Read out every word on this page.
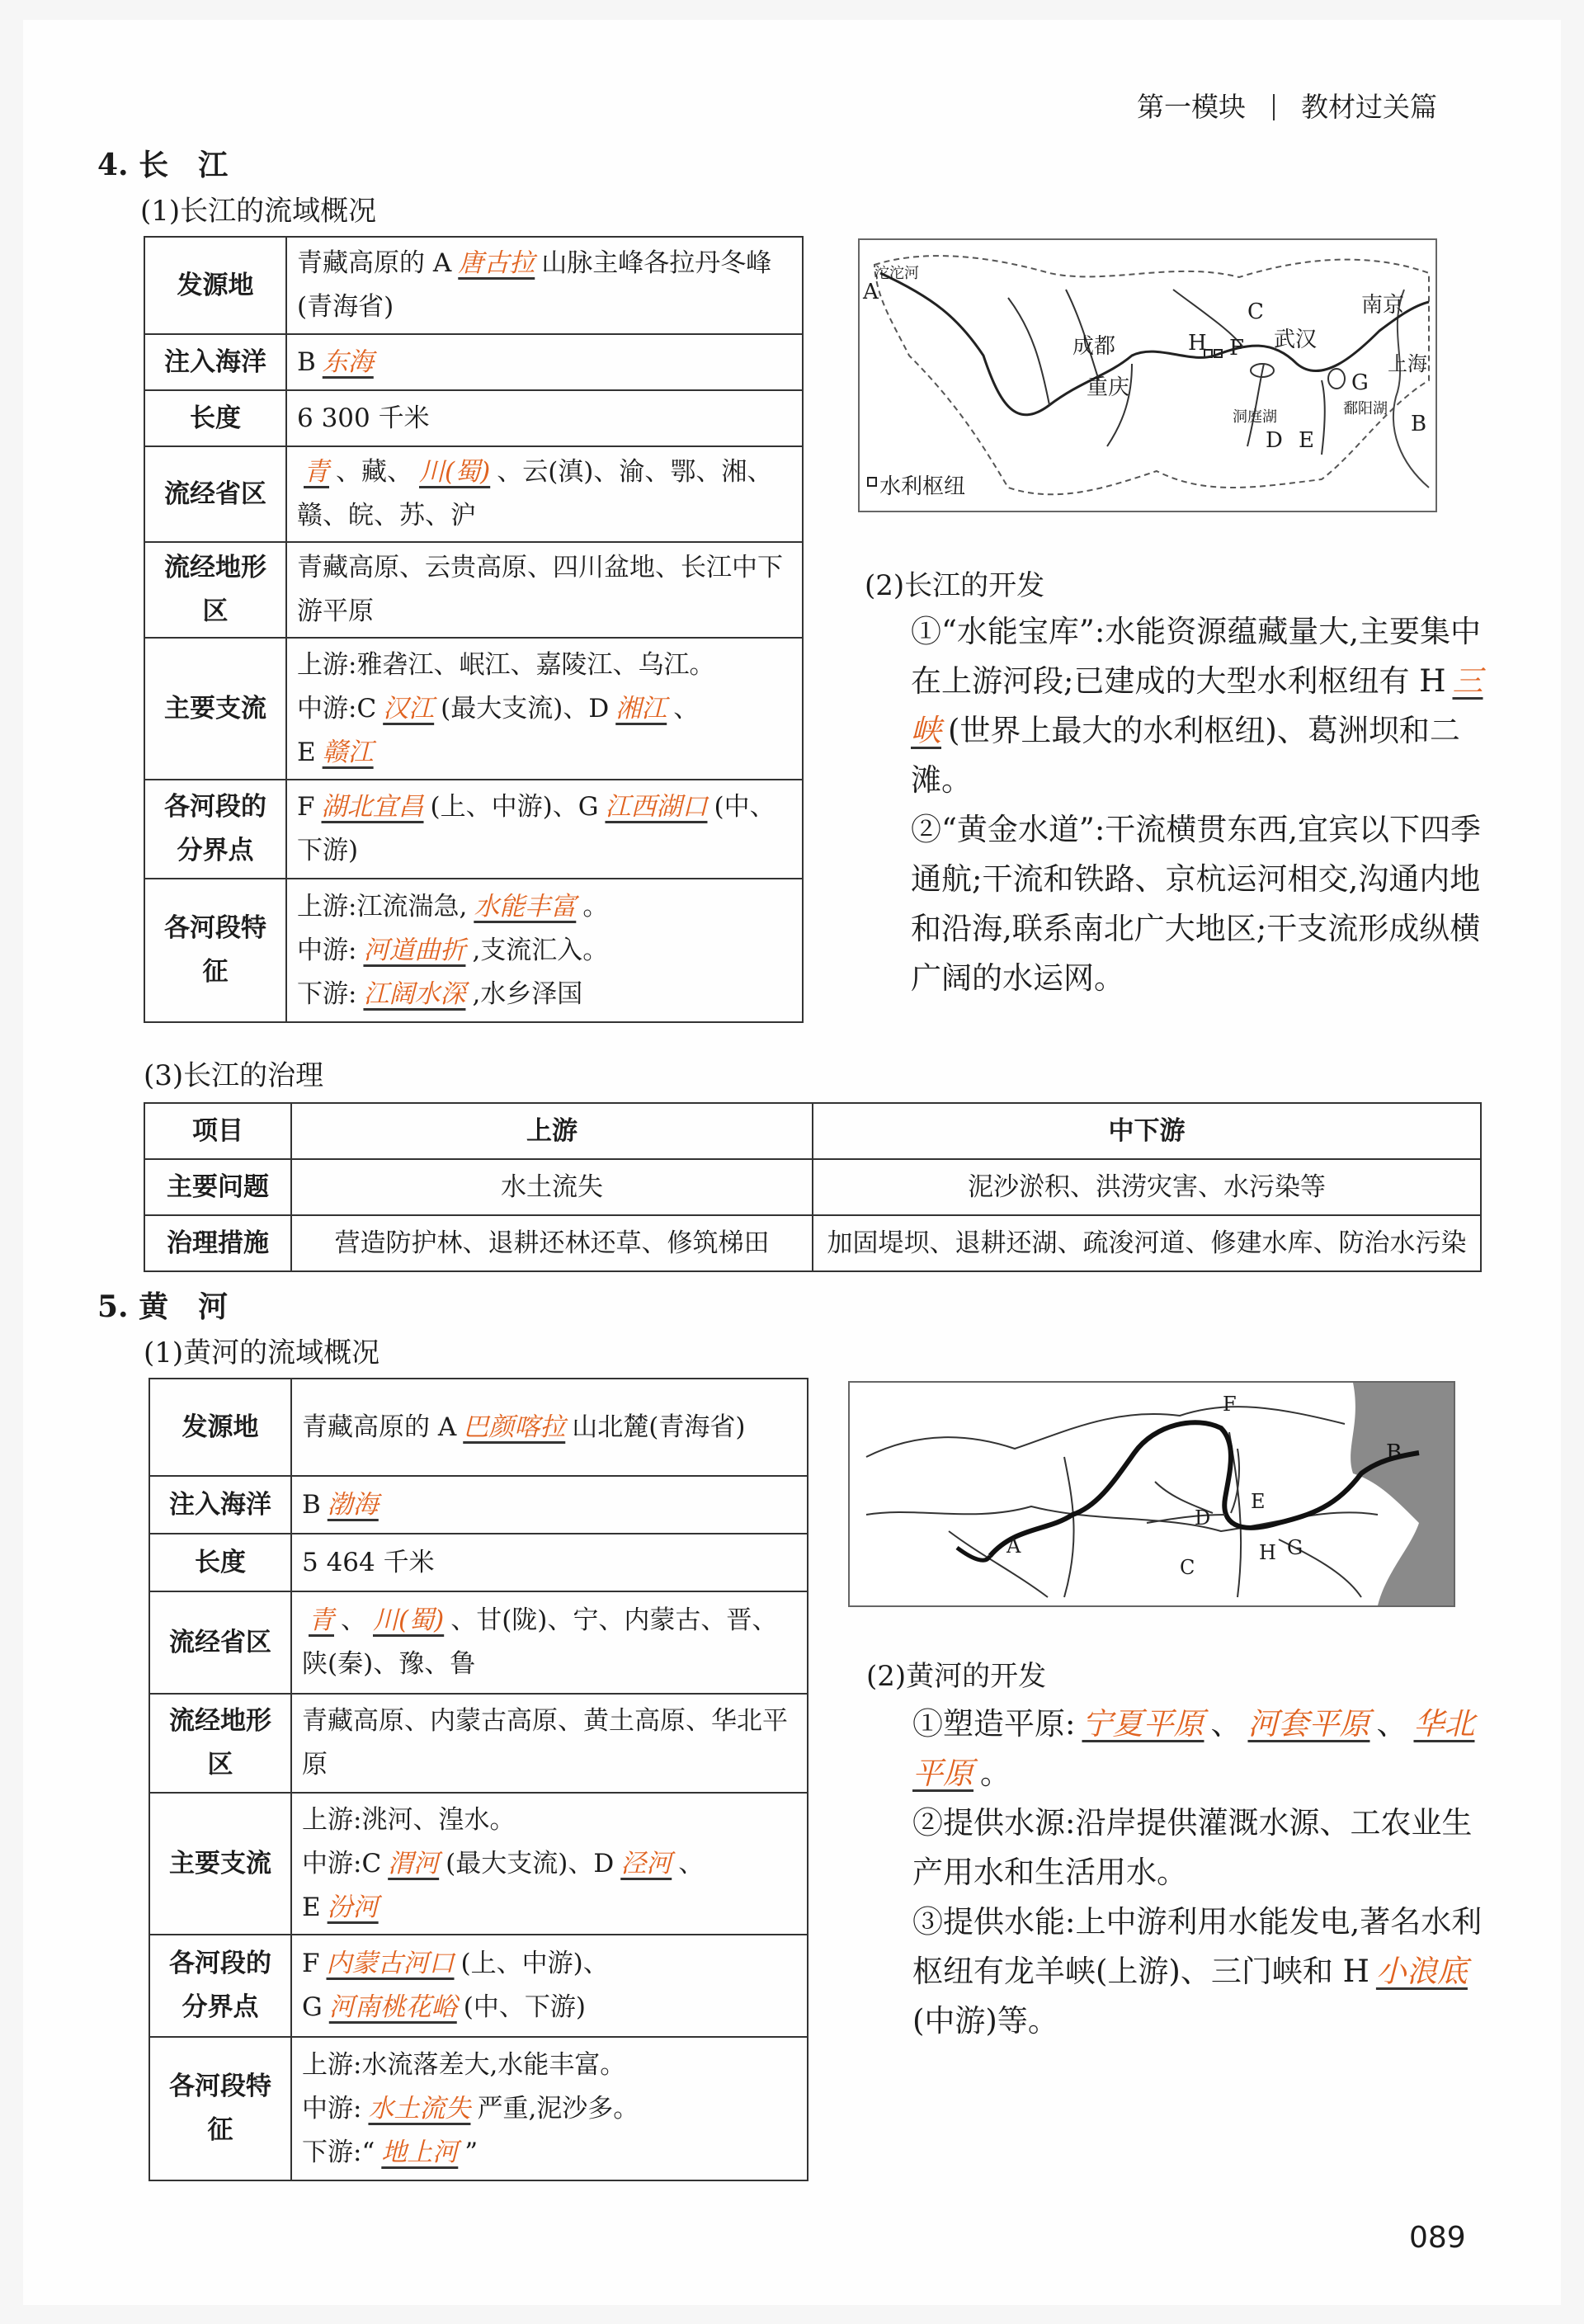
第一模块 教材过关篇
4. 长　江
(1)长江的流域概况
发源地	青藏高原的 A 唐古拉 山脉主峰各拉丹冬峰(青海省)
注入海洋	B 东海
长度	6 300 千米
流经省区	青 、藏、 川(蜀) 、云(滇)、渝、鄂、湘、赣、皖、苏、沪
流经地形区	青藏高原、云贵高原、四川盆地、长江中下游平原
主要支流	上游:雅砻江、岷江、嘉陵江、乌江。
中游:C 汉江 (最大支流)、D 湘江 、
E 赣江

各河段的分界点	F 湖北宜昌 (上、中游)、G 江西湖口 (中、下游)
各河段特征	上游:江流湍急, 水能丰富 。
中游: 河道曲折 ,支流汇入。
下游: 江阔水深 ,水乡泽国
沱沱河
A
成都
重庆
H F
C
武汉
南京
上海
G
鄱阳湖
洞庭湖
D E
B
水利枢纽
(2)长江的开发

①“水能宝库”:水能资源蕴藏量大,主要集中在上游河段;已建成的大型水利枢纽有 H 三峡 (世界上最大的水利枢纽)、葛洲坝和二滩。

②“黄金水道”:干流横贯东西,宜宾以下四季通航;干流和铁路、京杭运河相交,沟通内地和沿海,联系南北广大地区;干支流形成纵横广阔的水运网。

(3)长江的治理
项目	上游	中下游
主要问题	水土流失	泥沙淤积、洪涝灾害、水污染等
治理措施	营造防护林、退耕还林还草、修筑梯田	加固堤坝、退耕还湖、疏浚河道、修建水库、防治水污染
5. 黄　河
(1)黄河的流域概况
发源地	青藏高原的 A 巴颜喀拉 山北麓(青海省)
注入海洋	B 渤海
长度	5 464 千米
流经省区	青 、 川(蜀) 、甘(陇)、宁、内蒙古、晋、陕(秦)、豫、鲁
流经地形区	青藏高原、内蒙古高原、黄土高原、华北平原
主要支流	上游:洮河、湟水。
中游:C 渭河 (最大支流)、D 泾河 、
E 汾河

各河段的分界点	F 内蒙古河口 (上、中游)、
G 河南桃花峪 (中、下游)

各河段特征	上游:水流落差大,水能丰富。
中游: 水土流失 严重,泥沙多。
下游:“ 地上河 ”
F
B
D
E
A
C
H G
(2)黄河的开发

①塑造平原: 宁夏平原 、 河套平原 、 华北平原 。

②提供水源:沿岸提供灌溉水源、工农业生产用水和生活用水。

③提供水能:上中游利用水能发电,著名水利枢纽有龙羊峡(上游)、三门峡和 H 小浪底(中游)等。

089
